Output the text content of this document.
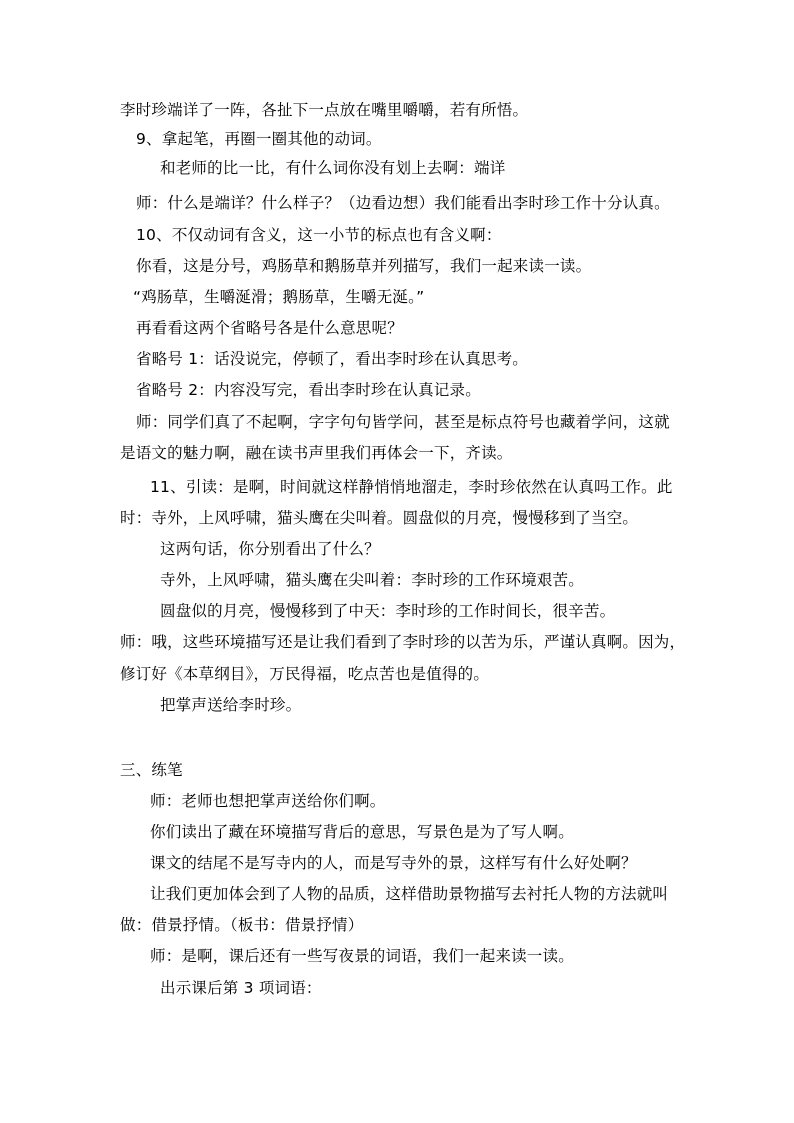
李时珍端详了一阵，各扯下一点放在嘴里嚼嚼，若有所悟。
9、拿起笔，再圈一圈其他的动词。
和老师的比一比，有什么词你没有划上去啊：端详
师：什么是端详？什么样子？（边看边想）我们能看出李时珍工作十分认真。
10、不仅动词有含义，这一小节的标点也有含义啊：
你看，这是分号，鸡肠草和鹅肠草并列描写，我们一起来读一读。
“鸡肠草，生嚼涎滑；鹅肠草，生嚼无涎。”
再看看这两个省略号各是什么意思呢？
省略号 1：话没说完，停顿了，看出李时珍在认真思考。
省略号 2：内容没写完，看出李时珍在认真记录。
师：同学们真了不起啊，字字句句皆学问，甚至是标点符号也藏着学问，这就
是语文的魅力啊，融在读书声里我们再体会一下，齐读。
11、引读：是啊，时间就这样静悄悄地溜走，李时珍依然在认真吗工作。此
时：寺外，上风呼啸，猫头鹰在尖叫着。圆盘似的月亮，慢慢移到了当空。
这两句话，你分别看出了什么？
寺外，上风呼啸，猫头鹰在尖叫着：李时珍的工作环境艰苦。
圆盘似的月亮，慢慢移到了中天：李时珍的工作时间长，很辛苦。
师：哦，这些环境描写还是让我们看到了李时珍的以苦为乐，严谨认真啊。因为，
修订好《本草纲目》，万民得福，吃点苦也是值得的。
把掌声送给李时珍。
三、练笔
师：老师也想把掌声送给你们啊。
你们读出了藏在环境描写背后的意思，写景色是为了写人啊。
课文的结尾不是写寺内的人，而是写寺外的景，这样写有什么好处啊？
让我们更加体会到了人物的品质，这样借助景物描写去衬托人物的方法就叫
做：借景抒情。（板书：借景抒情）
师：是啊，课后还有一些写夜景的词语，我们一起来读一读。
出示课后第 3 项词语：
